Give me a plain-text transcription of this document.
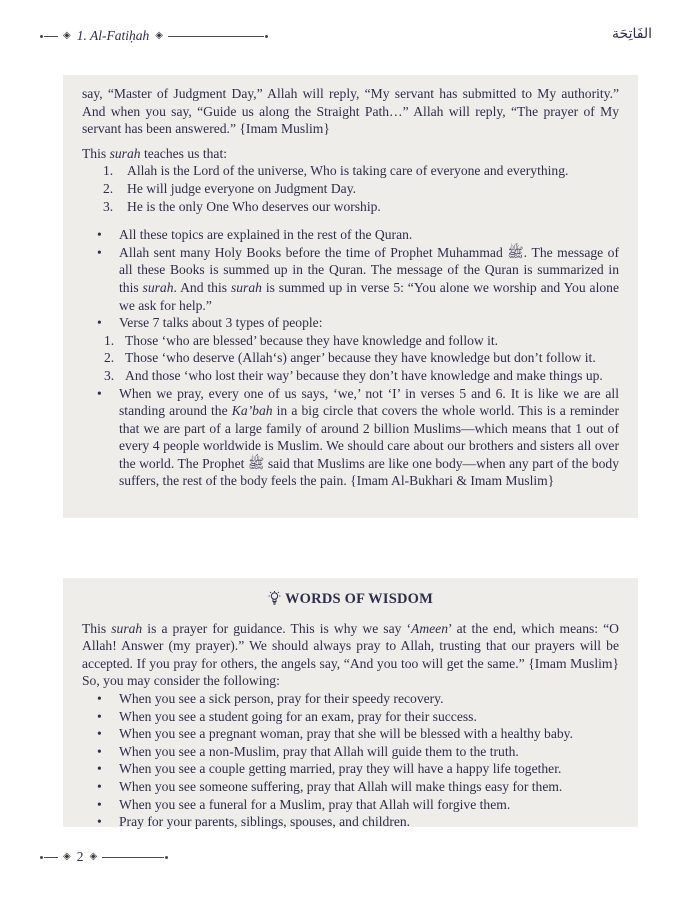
◈ 1. Al-Fatiḥah ◈	الفَاتِحَة

say, “Master of Judgment Day,” Allah will reply, “My servant has submitted to My authority.” And when you say, “Guide us along the Straight Path…” Allah will reply, “The prayer of My servant has been answered.” {Imam Muslim}

This surah teaches us that:

1.	Allah is the Lord of the universe, Who is taking care of everyone and everything.
2.	He will judge everyone on Judgment Day.
3.	He is the only One Who deserves our worship.
•	All these topics are explained in the rest of the Quran.
•	Allah sent many Holy Books before the time of Prophet Muhammad ﷺ. The message of all these Books is summed up in the Quran. The message of the Quran is summarized in this surah. And this surah is summed up in verse 5: “You alone we worship and You alone we ask for help.”
•	Verse 7 talks about 3 types of people:
1. Those ‘who are blessed’ because they have knowledge and follow it.
2. Those ‘who deserve (Allah‘s) anger’ because they have knowledge but don’t follow it.
3. And those ‘who lost their way’ because they don’t have knowledge and make things up.
•	When we pray, every one of us says, ‘we,’ not ‘I’ in verses 5 and 6. It is like we are all standing around the Ka’bah in a big circle that covers the whole world. This is a reminder that we are part of a large family of around 2 billion Muslims—which means that 1 out of every 4 people worldwide is Muslim. We should care about our brothers and sisters all over the world. The Prophet ﷺ said that Muslims are like one body—when any part of the body suffers, the rest of the body feels the pain. {Imam Al-Bukhari & Imam Muslim}
WORDS OF WISDOM

This surah is a prayer for guidance. This is why we say ‘Ameen’ at the end, which means: “O Allah! Answer (my prayer).” We should always pray to Allah, trusting that our prayers will be accepted. If you pray for others, the angels say, “And you too will get the same.” {Imam Muslim} So, you may consider the following:

•	When you see a sick person, pray for their speedy recovery.
•	When you see a student going for an exam, pray for their success.
•	When you see a pregnant woman, pray that she will be blessed with a healthy baby.
•	When you see a non-Muslim, pray that Allah will guide them to the truth.
•	When you see a couple getting married, pray they will have a happy life together.
•	When you see someone suffering, pray that Allah will make things easy for them.
•	When you see a funeral for a Muslim, pray that Allah will forgive them.
•	Pray for your parents, siblings, spouses, and children.
◈ 2 ◈
